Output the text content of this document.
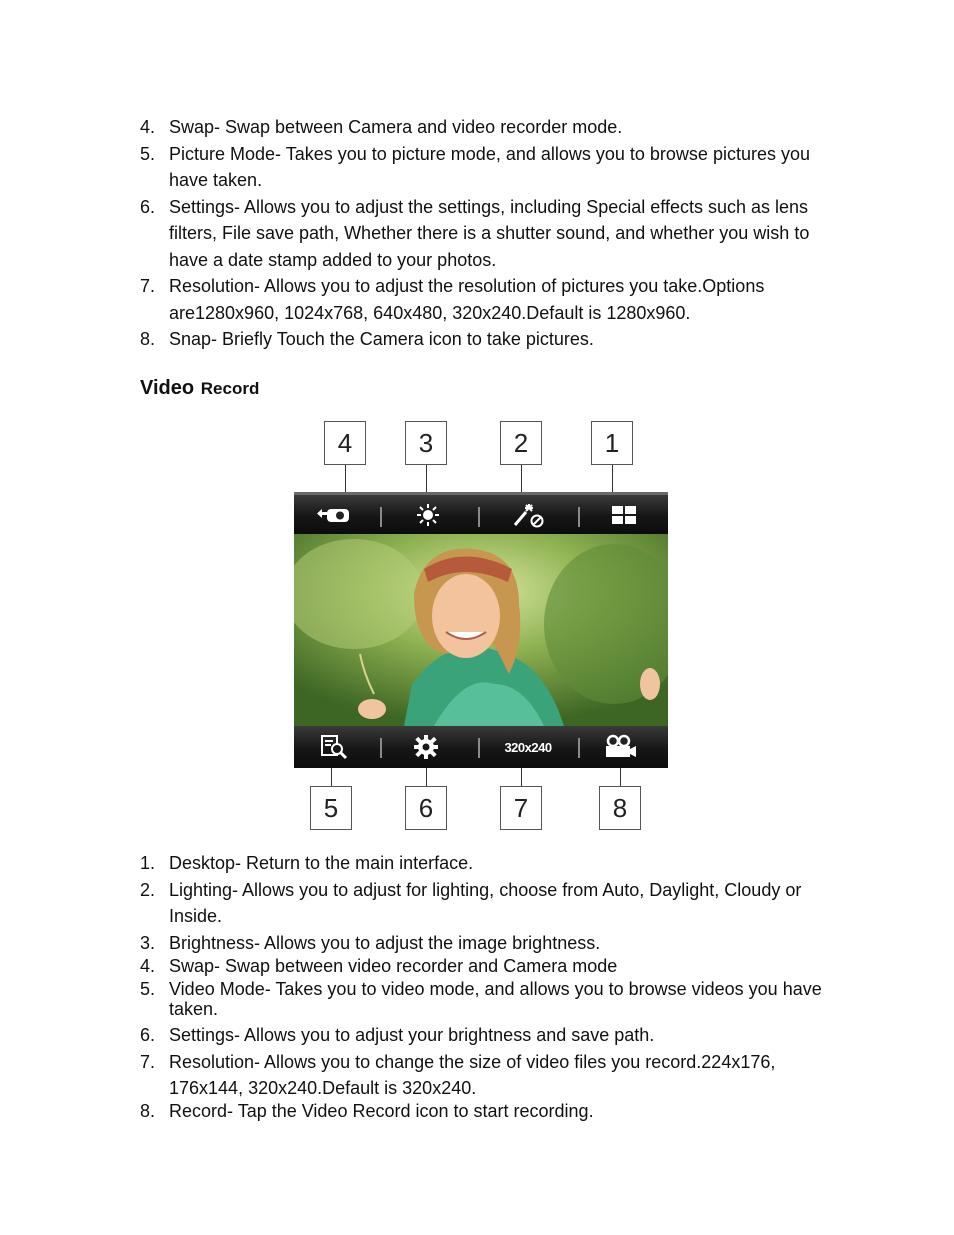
4. Swap- Swap between Camera and video recorder mode.
5. Picture Mode- Takes you to picture mode, and allows you to browse pictures you have taken.
6. Settings- Allows you to adjust the settings, including Special effects such as lens filters, File save path, Whether there is a shutter sound, and whether you wish to have a date stamp added to your photos.
7. Resolution- Allows you to adjust the resolution of pictures you take.Options are1280x960, 1024x768, 640x480, 320x240.Default is 1280x960.
8. Snap- Briefly Touch the Camera icon to take pictures.
Video Record
4	3	2	1
320x240
5	6	7	8
1. Desktop- Return to the main interface.
2. Lighting- Allows you to adjust for lighting, choose from Auto, Daylight, Cloudy or Inside.
3. Brightness- Allows you to adjust the image brightness.
4. Swap- Swap between video recorder and Camera mode
5. Video Mode- Takes you to video mode, and allows you to browse videos you have taken.
6. Settings- Allows you to adjust your brightness and save path.
7. Resolution- Allows you to change the size of video files you record.224x176, 176x144, 320x240.Default is 320x240.
8. Record- Tap the Video Record icon to start recording.
